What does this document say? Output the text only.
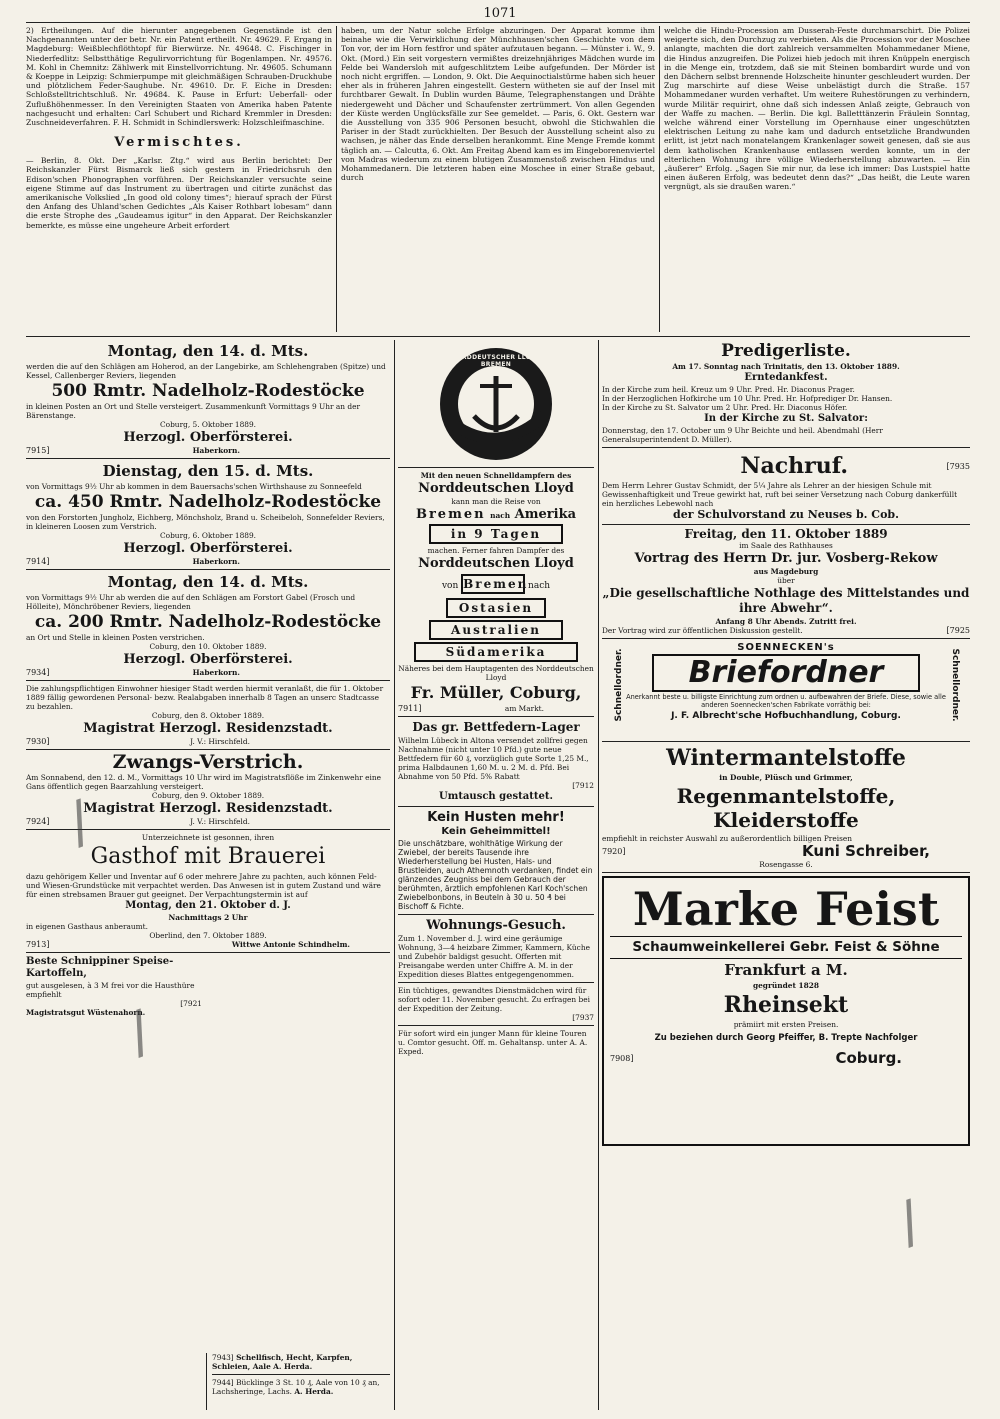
1071

2) Ertheilungen. Auf die hierunter angegebenen Gegenstände ist den Nachgenannten unter der betr. Nr. ein Patent ertheilt. Nr. 49629. F. Ergang in Magdeburg: Weißblechflöthtopf für Bierwürze. Nr. 49648. C. Fischinger in Niederfedlitz: Selbstthätige Regulirvorrichtung für Bogenlampen. Nr. 49576. M. Kohl in Chemnitz: Zählwerk mit Einstellvorrichtung. Nr. 49605. Schumann & Koeppe in Leipzig: Schmierpumpe mit gleichmäßigen Schrauben-Druckhube und plötzlichem Feder-Saughube. Nr. 49610. Dr. F. Eiche in Dresden: Schloßstelltrichtschluß. Nr. 49684. K. Pause in Erfurt: Ueberfall- oder Zuflußhöhenmesser. In den Vereinigten Staaten von Amerika haben Patente nachgesucht und erhalten: Carl Schubert und Richard Kremmler in Dresden: Zuschneideverfahren. F. H. Schmidt in Schindlerswerk: Holzschleifmaschine.

Vermischtes.

— Berlin, 8. Okt. Der „Karlsr. Ztg.“ wird aus Berlin berichtet: Der Reichskanzler Fürst Bismarck ließ sich gestern in Friedrichsruh den Edison'schen Phonographen vorführen. Der Reichskanzler versuchte seine eigene Stimme auf das Instrument zu übertragen und citirte zunächst das amerikanische Volkslied „In good old colony times“; hierauf sprach der Fürst den Anfang des Uhland'schen Gedichtes „Als Kaiser Rothbart lobesam“ dann die erste Strophe des „Gaudeamus igitur“ in den Apparat. Der Reichskanzler bemerkte, es müsse eine ungeheure Arbeit erfordert

haben, um der Natur solche Erfolge abzuringen. Der Apparat komme ihm beinahe wie die Verwirklichung der Münchhausen'schen Geschichte von dem Ton vor, der im Horn festfror und später aufzutauen begann. — Münster i. W., 9. Okt. (Mord.) Ein seit vorgestern vermißtes dreizehnjähriges Mädchen wurde im Felde bei Wandersloh mit aufgeschlitztem Leibe aufgefunden. Der Mörder ist noch nicht ergriffen. — London, 9. Okt. Die Aequinoctialstürme haben sich heuer eher als in früheren Jahren eingestellt. Gestern wütheten sie auf der Insel mit furchtbarer Gewalt. In Dublin wurden Bäume, Telegraphenstangen und Drähte niedergeweht und Dächer und Schaufenster zertrümmert. Von allen Gegenden der Küste werden Unglücksfälle zur See gemeldet. — Paris, 6. Okt. Gestern war die Ausstellung von 335 906 Personen besucht, obwohl die Stichwahlen die Pariser in der Stadt zurückhielten. Der Besuch der Ausstellung scheint also zu wachsen, je näher das Ende derselben herankommt. Eine Menge Fremde kommt täglich an. — Calcutta, 6. Okt. Am Freitag Abend kam es im Eingeborenenviertel von Madras wiederum zu einem blutigen Zusammenstoß zwischen Hindus und Mohammedanern. Die letzteren haben eine Moschee in einer Straße gebaut, durch

welche die Hindu-Procession am Dusserah-Feste durchmarschirt. Die Polizei weigerte sich, den Durchzug zu verbieten. Als die Procession vor der Moschee anlangte, machten die dort zahlreich versammelten Mohammedaner Miene, die Hindus anzugreifen. Die Polizei hieb jedoch mit ihren Knüppeln energisch in die Menge ein, trotzdem, daß sie mit Steinen bombardirt wurde und von den Dächern selbst brennende Holzscheite hinunter geschleudert wurden. Der Zug marschirte auf diese Weise unbelästigt durch die Straße. 157 Mohammedaner wurden verhaftet. Um weitere Ruhestörungen zu verhindern, wurde Militär requirirt, ohne daß sich indessen Anlaß zeigte, Gebrauch von der Waffe zu machen. — Berlin. Die kgl. Balletttänzerin Fräulein Sonntag, welche während einer Vorstellung im Opernhause einer ungeschützten elektrischen Leitung zu nahe kam und dadurch entsetzliche Brandwunden erlitt, ist jetzt nach monatelangem Krankenlager soweit genesen, daß sie aus dem katholischen Krankenhause entlassen werden konnte, um in der elterlichen Wohnung ihre völlige Wiederherstellung abzuwarten. — Ein „äußerer“ Erfolg. „Sagen Sie mir nur, da lese ich immer: Das Lustspiel hatte einen äußeren Erfolg, was bedeutet denn das?“ „Das heißt, die Leute waren vergnügt, als sie draußen waren.“

Montag, den 14. d. Mts.

werden die auf den Schlägen am Hoherod, an der Langebirke, am Schlehengraben (Spitze) und Kessel, Callenberger Reviers, liegenden

500 Rmtr. Nadelholz-Rodestöcke

in kleinen Posten an Ort und Stelle versteigert. Zusammenkunft Vormittags 9 Uhr an der Bärenstange.

Coburg, 5. Oktober 1889.

Herzogl. Oberförsterei.
7915]	Haberkorn.
Dienstag, den 15. d. Mts.

von Vormittags 9½ Uhr ab kommen in dem Bauersachs'schen Wirthshause zu Sonneefeld

ca. 450 Rmtr. Nadelholz-Rodestöcke

von den Forstorten Jungholz, Eichberg, Mönchsholz, Brand u. Scheibeloh, Sonnefelder Reviers, in kleineren Loosen zum Verstrich.

Coburg, 6. Oktober 1889.

Herzogl. Oberförsterei.
7914]	Haberkorn.
Montag, den 14. d. Mts.

von Vormittags 9½ Uhr ab werden die auf den Schlägen am Forstort Gabel (Frosch und Hölleite), Mönchröbener Reviers, liegenden

ca. 200 Rmtr. Nadelholz-Rodestöcke

an Ort und Stelle in kleinen Posten verstrichen.

Coburg, den 10. Oktober 1889.

Herzogl. Oberförsterei.
7934]	Haberkorn.

Die zahlungspflichtigen Einwohner hiesiger Stadt werden hiermit veranlaßt, die für 1. Oktober 1889 fällig gewordenen Personal- bezw. Realabgaben innerhalb 8 Tagen an unserc Stadtcasse zu bezahlen.

Coburg, den 8. Oktober 1889.

Magistrat Herzogl. Residenzstadt.
7930]	J. V.: Hirschfeld.
Zwangs-Verstrich.

Am Sonnabend, den 12. d. M., Vormittags 10 Uhr wird im Magistratsflöße im Zinkenwehr eine Gans öffentlich gegen Baarzahlung versteigert.

Coburg, den 9. Oktober 1889.

Magistrat Herzogl. Residenzstadt.
7924]	J. V.: Hirschfeld.

Unterzeichnete ist gesonnen, ihren

Gasthof mit Brauerei

dazu gehörigem Keller und Inventar auf 6 oder mehrere Jahre zu pachten, auch können Feld- und Wiesen-Grundstücke mit verpachtet werden. Das Anwesen ist in gutem Zustand und wäre für einen strebsamen Brauer gut geeignet. Der Verpachtungstermin ist auf

Montag, den 21. Oktober d. J.

Nachmittags 2 Uhr

in eigenen Gasthaus anberaumt.

Oberlind, den 7. Oktober 1889.

7913]	Wittwe Antonie Schindhelm.
Beste Schnippiner Speise-Kartoffeln,

gut ausgelesen, à 3 M frei vor die Hausthüre empfiehlt

[7921

Magistratsgut Wüstenahorn.

7943] Schellfisch, Hecht, Karpfen, Schleien, Aale A. Herda.

7944] Bücklinge 3 St. 10 ₰, Aale von 10 ₰ an, Lachsheringe, Lachs. A. Herda.

NORDDEUTSCHER LLOYD BREMEN

Mit den neuen Schnelldampfern des

Norddeutschen Lloyd

kann man die Reise von

Bremen nach Amerika
in 9 Tagen

machen. Ferner fahren Dampfer des

Norddeutschen Lloyd
von Bremen nach
Ostasien
Australien
Südamerika

Näheres bei dem Hauptagenten des Norddeutschen Lloyd

Fr. Müller, Coburg,
7911]	am Markt.
Das gr. Bettfedern-Lager

Wilhelm Lübeck in Altona versendet zollfrei gegen Nachnahme (nicht unter 10 Pfd.) gute neue Bettfedern für 60 ₰, vorzüglich gute Sorte 1,25 M., prima Halbdaunen 1,60 M. u. 2 M. d. Pfd. Bei Abnahme von 50 Pfd. 5% Rabatt

[7912

Umtausch gestattet.
Kein Husten mehr!
Kein Geheimmittel!

Die unschätzbare, wohlthätige Wirkung der Zwiebel, der bereits Tausende ihre Wiederherstellung bei Husten, Hals- und Brustleiden, auch Athemnoth verdanken, findet ein glänzendes Zeugniss bei dem Gebrauch der berühmten, ärztlich empfohlenen Karl Koch'schen Zwiebelbonbons, in Beuteln à 30 u. 50 ₰ bei Bischoff & Fichte.

Wohnungs-Gesuch.

Zum 1. November d. J. wird eine geräumige Wohnung, 3—4 heizbare Zimmer, Kammern, Küche und Zubehör baldigst gesucht. Offerten mit Preisangabe werden unter Chiffre A. M. in der Expedition dieses Blattes entgegengenommen.

Ein tüchtiges, gewandtes Dienstmädchen wird für sofort oder 11. November gesucht. Zu erfragen bei der Expedition der Zeitung.

[7937

Für sofort wird ein junger Mann für kleine Touren u. Comtor gesucht. Off. m. Gehaltansp. unter A. A. Exped.

Predigerliste.

Am 17. Sonntag nach Trinitatis, den 13. Oktober 1889.

Erntedankfest.

In der Kirche zum heil. Kreuz um 9 Uhr. Pred. Hr. Diaconus Prager.

In der Herzoglichen Hofkirche um 10 Uhr. Pred. Hr. Hofprediger Dr. Hansen.

In der Kirche zu St. Salvator um 2 Uhr. Pred. Hr. Diaconus Höfer.

In der Kirche zu St. Salvator:

Donnerstag, den 17. October um 9 Uhr Beichte und heil. Abendmahl (Herr Generalsuperintendent D. Müller).

Nachruf.	[7935

Dem Herrn Lehrer Gustav Schmidt, der 5¼ Jahre als Lehrer an der hiesigen Schule mit Gewissenhaftigkeit und Treue gewirkt hat, ruft bei seiner Versetzung nach Coburg dankerfüllt ein herzliches Lebewohl nach

der Schulvorstand zu Neuses b. Cob.
Freitag, den 11. Oktober 1889

im Saale des Rathhauses

Vortrag des Herrn Dr. jur. Vosberg-Rekow

aus Magdeburg

über

„Die gesellschaftliche Nothlage des Mittelstandes und ihre Abwehr“.

Anfang 8 Uhr Abends. Zutritt frei.

Der Vortrag wird zur öffentlichen Diskussion gestellt.	[7925
Schnellordner.	Schnellordner.
SOENNECKEN's
Briefordner

Anerkannt beste u. billigste Einrichtung zum ordnen u. aufbewahren der Briefe. Diese, sowie alle anderen Soennecken'schen Fabrikate vorräthig bei:

J. F. Albrecht'sche Hofbuchhandlung, Coburg.
Wintermantelstoffe

in Double, Plüsch und Grimmer,

Regenmantelstoffe, Kleiderstoffe

empfiehlt in reichster Auswahl zu außerordentlich billigen Preisen

7920]	Kuni Schreiber,

Rosengasse 6.

Marke Feist
Schaumweinkellerei Gebr. Feist & Söhne
Frankfurt a M.

gegründet 1828

Rheinsekt

prämiirt mit ersten Preisen.

Zu beziehen durch Georg Pfeiffer, B. Trepte Nachfolger

7908]	Coburg.
/
/
/
